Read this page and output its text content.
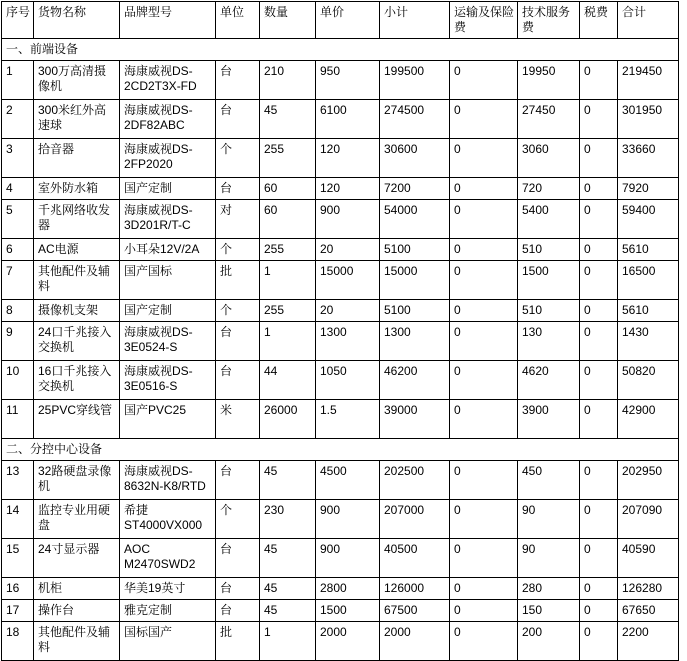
序号	货物名称	品牌型号	单位	数量	单价	小计	运输及保险费	技术服务费	税费	合计
一、前端设备										
1	300万高清摄像机	海康威视DS-2CD2T3X-FD	台	210	950	199500	0	19950	0	219450
2	300米红外高速球	海康威视DS-2DF82ABC	台	45	6100	274500	0	27450	0	301950
3	拾音器	海康威视DS-2FP2020	个	255	120	30600	0	3060	0	33660
4	室外防水箱	国产定制	台	60	120	7200	0	720	0	7920
5	千兆网络收发器	海康威视DS-3D201R/T-C	对	60	900	54000	0	5400	0	59400
6	AC电源	小耳朵12V/2A	个	255	20	5100	0	510	0	5610
7	其他配件及辅料	国产国标	批	1	15000	15000	0	1500	0	16500
8	摄像机支架	国产定制	个	255	20	5100	0	510	0	5610
9	24口千兆接入交换机	海康威视DS-3E0524-S	台	1	1300	1300	0	130	0	1430
10	16口千兆接入交换机	海康威视DS-3E0516-S	台	44	1050	46200	0	4620	0	50820
11	25PVC穿线管	国产PVC25	米	26000	1.5	39000	0	3900	0	42900
二、分控中心设备										
13	32路硬盘录像机	海康威视DS-8632N-K8/RTD	台	45	4500	202500	0	450	0	202950
14	监控专业用硬盘	希捷ST4000VX000	个	230	900	207000	0	90	0	207090
15	24寸显示器	AOC M2470SWD2	台	45	900	40500	0	90	0	40590
16	机柜	华美19英寸	台	45	2800	126000	0	280	0	126280
17	操作台	雅克定制	台	45	1500	67500	0	150	0	67650
18	其他配件及辅料	国标国产	批	1	2000	2000	0	200	0	2200
